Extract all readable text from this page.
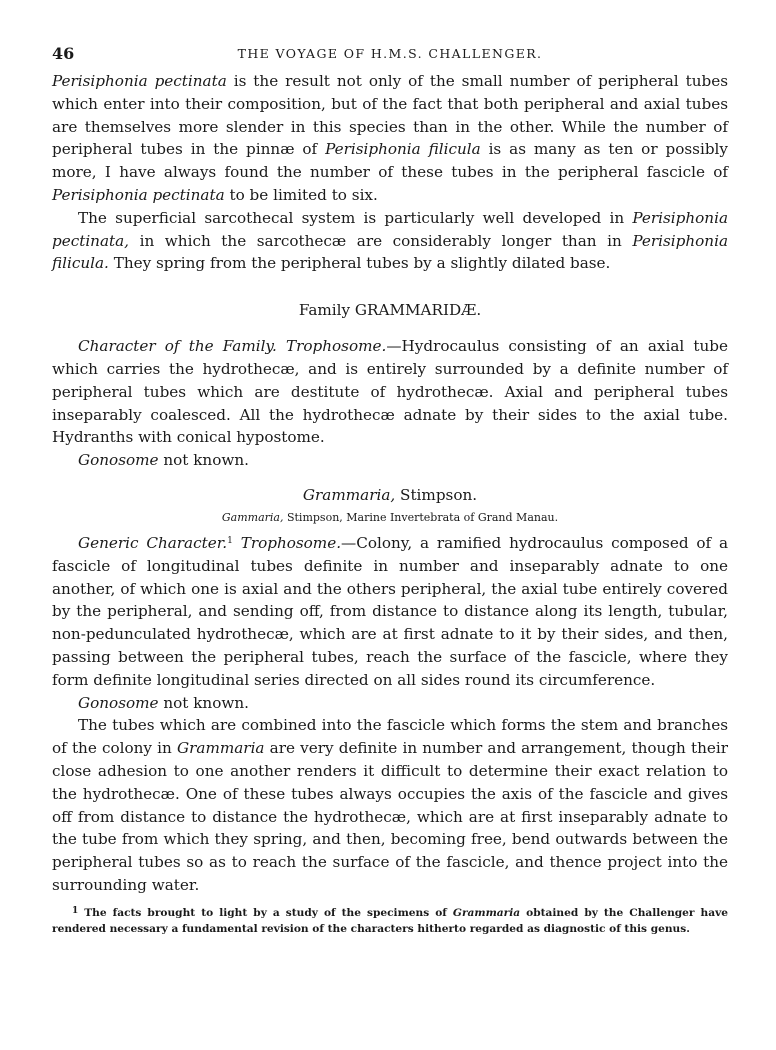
46	THE VOYAGE OF H.M.S. CHALLENGER.

Perisiphonia pectinata is the result not only of the small number of peripheral tubes which enter into their composition, but of the fact that both peripheral and axial tubes are themselves more slender in this species than in the other. While the number of peripheral tubes in the pinnæ of Perisiphonia filicula is as many as ten or possibly more, I have always found the number of these tubes in the peripheral fascicle of Perisiphonia pectinata to be limited to six.

The superficial sarcothecal system is particularly well developed in Perisiphonia pectinata, in which the sarcothecæ are considerably longer than in Perisiphonia filicula. They spring from the peripheral tubes by a slightly dilated base.

Family GRAMMARIDÆ.

Character of the Family. Trophosome.—Hydrocaulus consisting of an axial tube which carries the hydrothecæ, and is entirely surrounded by a definite number of peripheral tubes which are destitute of hydrothecæ. Axial and peripheral tubes inseparably coalesced. All the hydrothecæ adnate by their sides to the axial tube. Hydranths with conical hypostome.

Gonosome not known.

Grammaria, Stimpson.
Gammaria, Stimpson, Marine Invertebrata of Grand Manau.

Generic Character.$^1$ Trophosome.—Colony, a ramified hydrocaulus composed of a fascicle of longitudinal tubes definite in number and inseparably adnate to one another, of which one is axial and the others peripheral, the axial tube entirely covered by the peripheral, and sending off, from distance to distance along its length, tubular, non-pedunculated hydrothecæ, which are at first adnate to it by their sides, and then, passing between the peripheral tubes, reach the surface of the fascicle, where they form definite longitudinal series directed on all sides round its circumference.

Gonosome not known.

The tubes which are combined into the fascicle which forms the stem and branches of the colony in Grammaria are very definite in number and arrangement, though their close adhesion to one another renders it difficult to determine their exact relation to the hydrothecæ. One of these tubes always occupies the axis of the fascicle and gives off from distance to distance the hydrothecæ, which are at first inseparably adnate to the tube from which they spring, and then, becoming free, bend outwards between the peripheral tubes so as to reach the surface of the fascicle, and thence project into the surrounding water.

$^1$ The facts brought to light by a study of the specimens of Grammaria obtained by the Challenger have rendered necessary a fundamental revision of the characters hitherto regarded as diagnostic of this genus.
